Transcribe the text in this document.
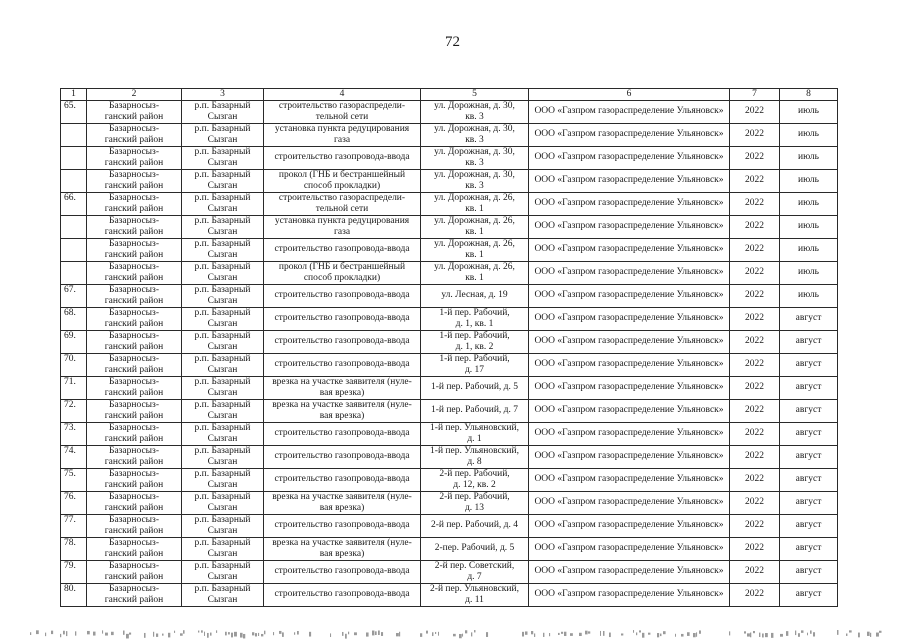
72
1	2	3	4	5	6	7	8
65.	Базарносыз-
ганский район	р.п. Базарный
Сызган	строительство газораспредели-
тельной сети	ул. Дорожная, д. 30,
кв. 3	ООО «Газпром газораспределение Ульяновск»	2022	июль
	Базарносыз-
ганский район	р.п. Базарный
Сызган	установка пункта редуцирования
газа	ул. Дорожная, д. 30,
кв. 3	ООО «Газпром газораспределение Ульяновск»	2022	июль
	Базарносыз-
ганский район	р.п. Базарный
Сызган	строительство газопровода-ввода	ул. Дорожная, д. 30,
кв. 3	ООО «Газпром газораспределение Ульяновск»	2022	июль
	Базарносыз-
ганский район	р.п. Базарный
Сызган	прокол (ГНБ и бестраншейный
способ прокладки)	ул. Дорожная, д. 30,
кв. 3	ООО «Газпром газораспределение Ульяновск»	2022	июль
66.	Базарносыз-
ганский район	р.п. Базарный
Сызган	строительство газораспредели-
тельной сети	ул. Дорожная, д. 26,
кв. 1	ООО «Газпром газораспределение Ульяновск»	2022	июль
	Базарносыз-
ганский район	р.п. Базарный
Сызган	установка пункта редуцирования
газа	ул. Дорожная, д. 26,
кв. 1	ООО «Газпром газораспределение Ульяновск»	2022	июль
	Базарносыз-
ганский район	р.п. Базарный
Сызган	строительство газопровода-ввода	ул. Дорожная, д. 26,
кв. 1	ООО «Газпром газораспределение Ульяновск»	2022	июль
	Базарносыз-
ганский район	р.п. Базарный
Сызган	прокол (ГНБ и бестраншейный
способ прокладки)	ул. Дорожная, д. 26,
кв. 1	ООО «Газпром газораспределение Ульяновск»	2022	июль
67.	Базарносыз-
ганский район	р.п. Базарный
Сызган	строительство газопровода-ввода	ул. Лесная, д. 19	ООО «Газпром газораспределение Ульяновск»	2022	июль
68.	Базарносыз-
ганский район	р.п. Базарный
Сызган	строительство газопровода-ввода	1-й пер. Рабочий,
д. 1, кв. 1	ООО «Газпром газораспределение Ульяновск»	2022	август
69.	Базарносыз-
ганский район	р.п. Базарный
Сызган	строительство газопровода-ввода	1-й пер. Рабочий,
д. 1, кв. 2	ООО «Газпром газораспределение Ульяновск»	2022	август
70.	Базарносыз-
ганский район	р.п. Базарный
Сызган	строительство газопровода-ввода	1-й пер. Рабочий,
д. 17	ООО «Газпром газораспределение Ульяновск»	2022	август
71.	Базарносыз-
ганский район	р.п. Базарный
Сызган	врезка на участке заявителя (нуле-
вая врезка)	1-й пер. Рабочий, д. 5	ООО «Газпром газораспределение Ульяновск»	2022	август
72.	Базарносыз-
ганский район	р.п. Базарный
Сызган	врезка на участке заявителя (нуле-
вая врезка)	1-й пер. Рабочий, д. 7	ООО «Газпром газораспределение Ульяновск»	2022	август
73.	Базарносыз-
ганский район	р.п. Базарный
Сызган	строительство газопровода-ввода	1-й пер. Ульяновский,
д. 1	ООО «Газпром газораспределение Ульяновск»	2022	август
74.	Базарносыз-
ганский район	р.п. Базарный
Сызган	строительство газопровода-ввода	1-й пер. Ульяновский,
д. 8	ООО «Газпром газораспределение Ульяновск»	2022	август
75.	Базарносыз-
ганский район	р.п. Базарный
Сызган	строительство газопровода-ввода	2-й пер. Рабочий,
д. 12, кв. 2	ООО «Газпром газораспределение Ульяновск»	2022	август
76.	Базарносыз-
ганский район	р.п. Базарный
Сызган	врезка на участке заявителя (нуле-
вая врезка)	2-й пер. Рабочий,
д. 13	ООО «Газпром газораспределение Ульяновск»	2022	август
77.	Базарносыз-
ганский район	р.п. Базарный
Сызган	строительство газопровода-ввода	2-й пер. Рабочий, д. 4	ООО «Газпром газораспределение Ульяновск»	2022	август
78.	Базарносыз-
ганский район	р.п. Базарный
Сызган	врезка на участке заявителя (нуле-
вая врезка)	2-пер. Рабочий, д. 5	ООО «Газпром газораспределение Ульяновск»	2022	август
79.	Базарносыз-
ганский район	р.п. Базарный
Сызган	строительство газопровода-ввода	2-й пер. Советский,
д. 7	ООО «Газпром газораспределение Ульяновск»	2022	август
80.	Базарносыз-
ганский район	р.п. Базарный
Сызган	строительство газопровода-ввода	2-й пер. Ульяновский,
д. 11	ООО «Газпром газораспределение Ульяновск»	2022	август
